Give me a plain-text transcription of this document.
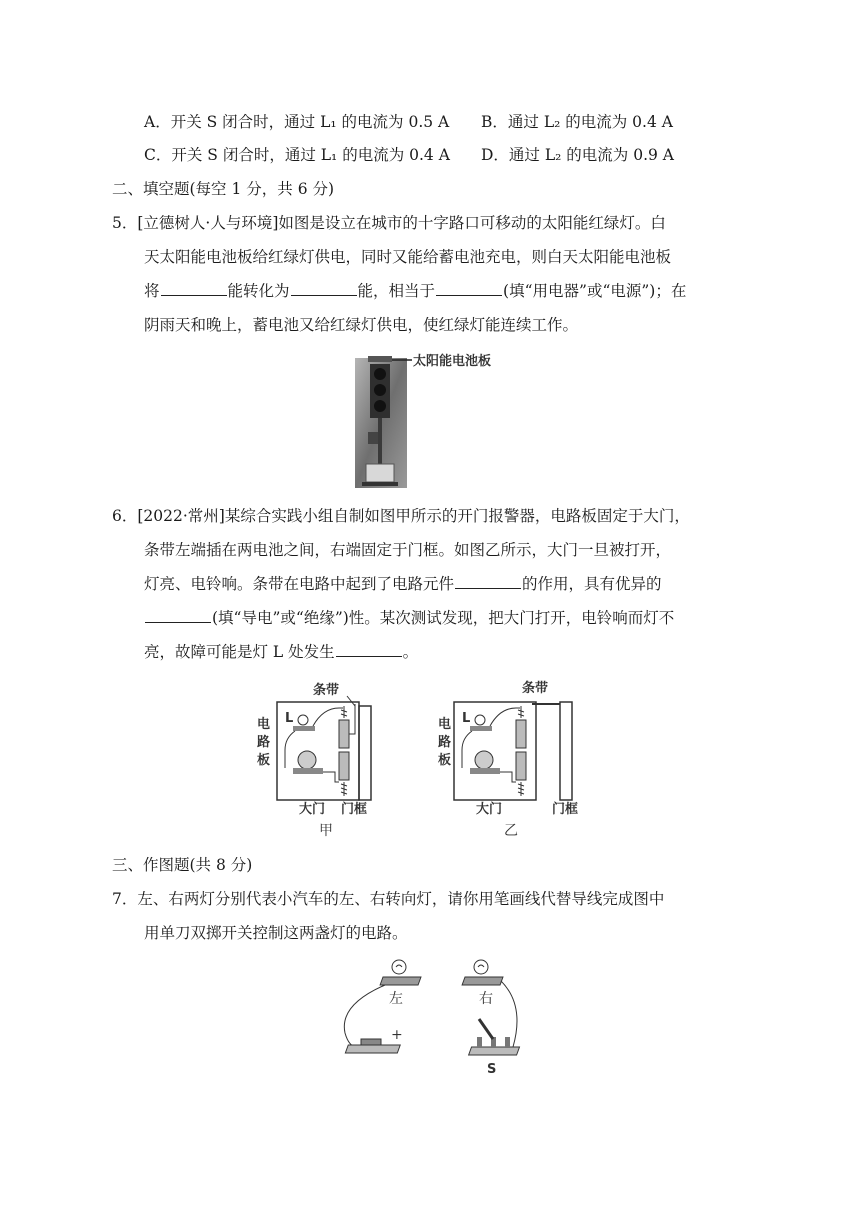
A．开关 S 闭合时，通过 L₁ 的电流为 0.5 A B．通过 L₂ 的电流为 0.4 A
C．开关 S 闭合时，通过 L₁ 的电流为 0.4 A D．通过 L₂ 的电流为 0.9 A
二、填空题(每空 1 分，共 6 分)
5．[立德树人·人与环境]如图是设立在城市的十字路口可移动的太阳能红绿灯。白
天太阳能电池板给红绿灯供电，同时又能给蓄电池充电，则白天太阳能电池板
将	能转化为	能，相当于	(填“用电器”或“电源”)；在
阴雨天和晚上，蓄电池又给红绿灯供电，使红绿灯能连续工作。
太阳能电池板
6．[2022·常州]某综合实践小组自制如图甲所示的开门报警器，电路板固定于大门，
条带左端插在两电池之间，右端固定于门框。如图乙所示，大门一旦被打开，
灯亮、电铃响。条带在电路中起到了电路元件	的作用，具有优异的
(填“导电”或“绝缘”)性。某次测试发现，把大门打开，电铃响而灯不
亮，故障可能是灯 L 处发生	。
电
路
板
条带
L
大门 门框
甲
电
路
板
条带
L
大门	门框
乙
三、作图题(共 8 分)
7．左、右两灯分别代表小汽车的左、右转向灯，请你用笔画线代替导线完成图中
用单刀双掷开关控制这两盏灯的电路。
左	右
+
S
